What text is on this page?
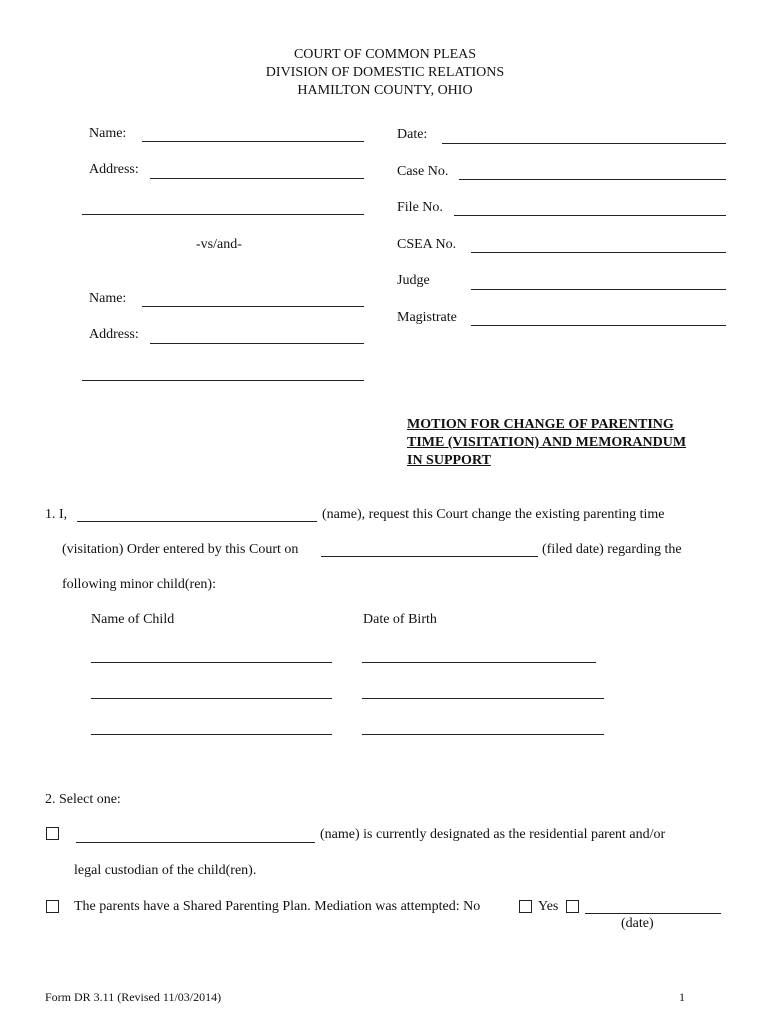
COURT OF COMMON PLEAS
DIVISION OF DOMESTIC RELATIONS
HAMILTON COUNTY, OHIO
Name:
Address:
-vs/and-
Name:
Address:
Date:
Case No.
File No.
CSEA No.
Judge
Magistrate
MOTION FOR CHANGE OF PARENTING
TIME (VISITATION) AND MEMORANDUM
IN SUPPORT
1. I,	(name), request this Court change the existing parenting time
(visitation) Order entered by this Court on	(filed date) regarding the
following minor child(ren):
Name of Child	Date of Birth
2. Select one:
(name) is currently designated as the residential parent and/or
legal custodian of the child(ren).
The parents have a Shared Parenting Plan. Mediation was attempted: No	Yes
(date)
Form DR 3.11 (Revised 11/03/2014)	1
